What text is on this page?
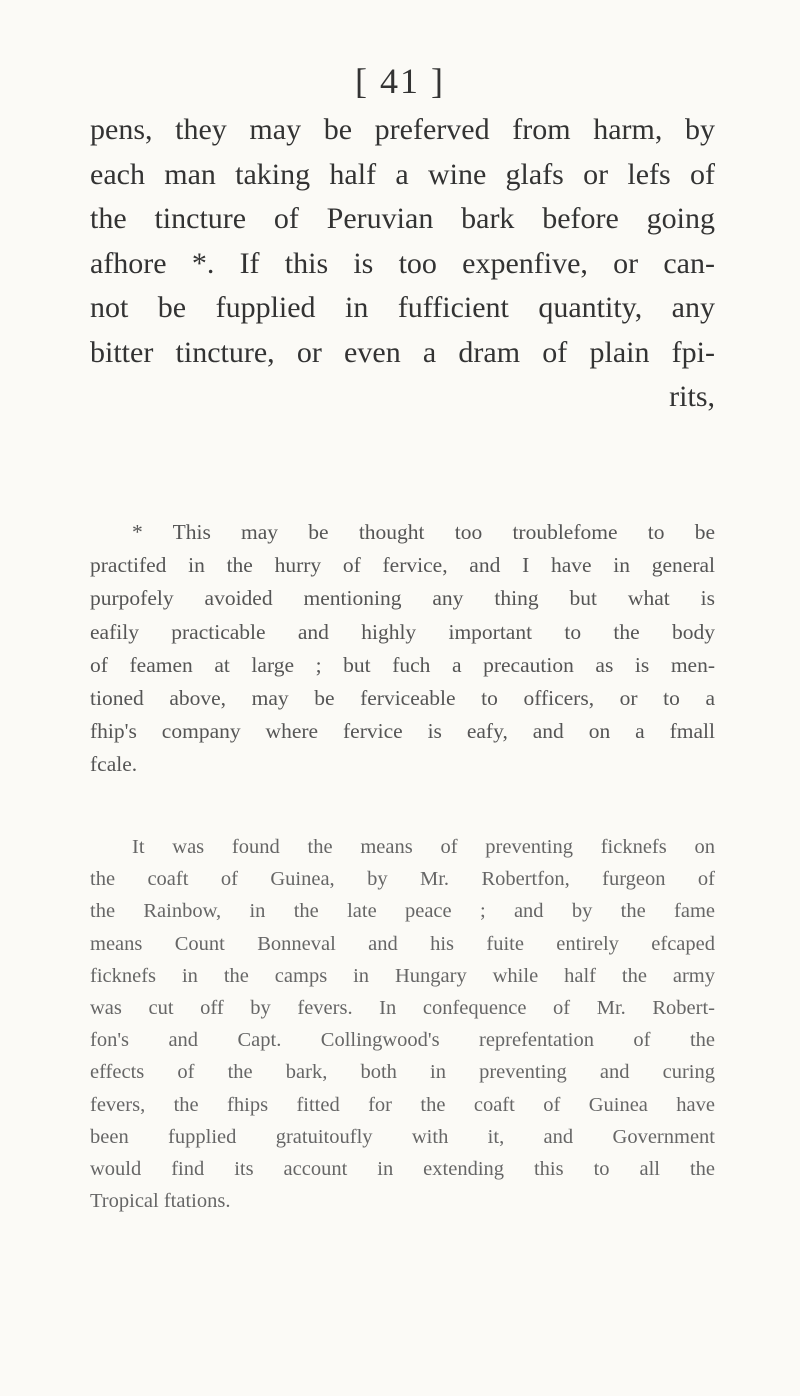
[ 41 ]
pens, they may be preferved from harm, by
each man taking half a wine glafs or lefs of
the tincture of Peruvian bark before going
afhore *. If this is too expenfive, or can-
not be fupplied in fufficient quantity, any
bitter tincture, or even a dram of plain fpi-
rits,
* This may be thought too troublefome to be
practifed in the hurry of fervice, and I have in general
purpofely avoided mentioning any thing but what is
eafily practicable and highly important to the body
of feamen at large ; but fuch a precaution as is men-
tioned above, may be ferviceable to officers, or to a
fhip's company where fervice is eafy, and on a fmall
fcale.
It was found the means of preventing ficknefs on
the coaft of Guinea, by Mr. Robertfon, furgeon of
the Rainbow, in the late peace ; and by the fame
means Count Bonneval and his fuite entirely efcaped
ficknefs in the camps in Hungary while half the army
was cut off by fevers. In confequence of Mr. Robert-
fon's and Capt. Collingwood's reprefentation of the
effects of the bark, both in preventing and curing
fevers, the fhips fitted for the coaft of Guinea have
been fupplied gratuitoufly with it, and Government
would find its account in extending this to all the
Tropical ftations.
